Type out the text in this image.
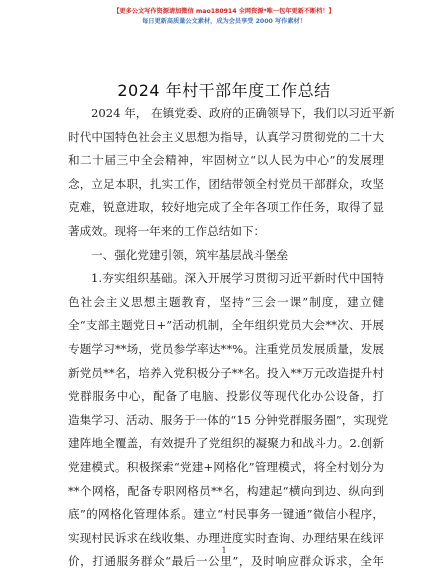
【更多公文写作资源请加微信 mao180914 全网资源*唯一包年更新不断档！】
每日更新高质量公文素材，成为会员享受 2000 写作素材！
2024 年村干部年度工作总结
2024 年， 在镇党委、政府的正确领导下，我们以习近平新
时代中国特色社会主义思想为指导，认真学习贯彻党的二十大
和二十届三中全会精神，牢固树立“以人民为中心”的发展理
念，立足本职，扎实工作，团结带领全村党员干部群众，攻坚
克难，锐意进取，较好地完成了全年各项工作任务，取得了显
著成效。现将一年来的工作总结如下：
一、强化党建引领，筑牢基层战斗堡垒
1.夯实组织基础。深入开展学习贯彻习近平新时代中国特
色社会主义思想主题教育，坚持“三会一课”制度，建立健
全“支部主题党日+”活动机制，全年组织党员大会**次、开展
专题学习**场，党员参学率达**%。注重党员发展质量，发展
新党员**名，培养入党积极分子**名。投入**万元改造提升村
党群服务中心，配备了电脑、投影仪等现代化办公设备，打
造集学习、活动、服务于一体的“15 分钟党群服务圈”，实现党
建阵地全覆盖，有效提升了党组织的凝聚力和战斗力。2.创新
党建模式。积极探索“党建+网格化”管理模式，将全村划分为
**个网格，配备专职网格员**名，构建起“横向到边、纵向到
底”的网格化管理体系。建立“村民事务一键通”微信小程序，
实现村民诉求在线收集、办理进度实时查询、办理结果在线评
价，打通服务群众“最后一公里”，及时响应群众诉求，全年
1
